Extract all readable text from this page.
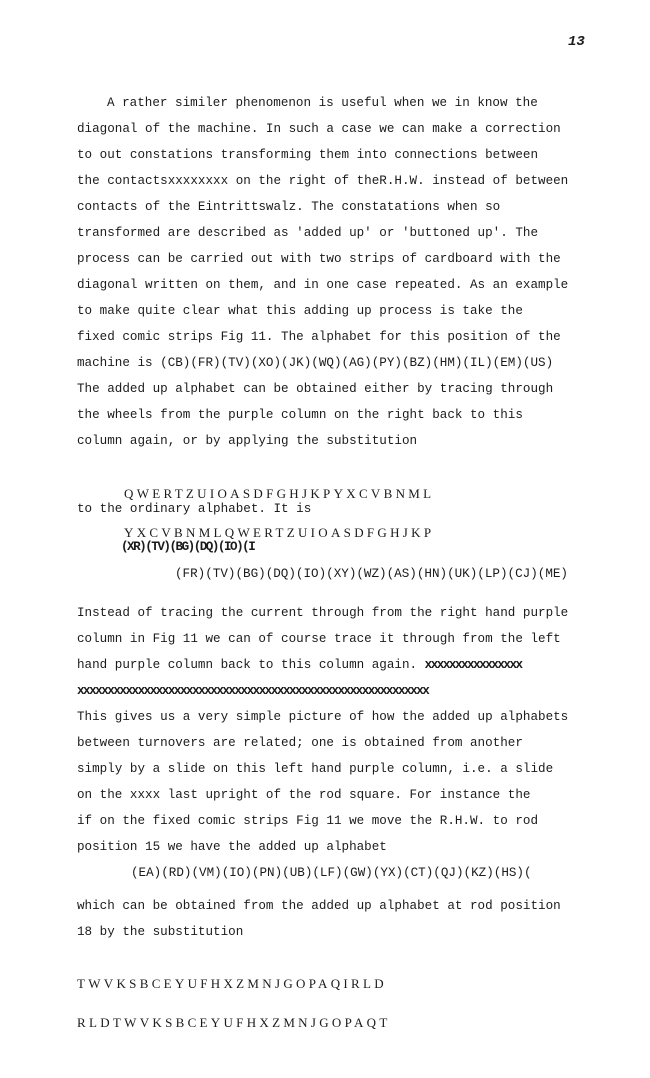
13
A rather similer phenomenon is useful when we in know the
diagonal of the machine. In such a case we can make a correction
to out constations transforming them into connections between
the contactsxxxxxxxx on the right of theR.H.W. instead of between
contacts of the Eintrittswalz. The constatations when so
transformed are described as 'added up' or 'buttoned up'. The
process can be carried out with two strips of cardboard with the
diagonal written on them, and in one case repeated. As an example
to make quite clear what this adding up process is take the
fixed comic strips Fig 11. The alphabet for this position of the
machine is (CB)(FR)(TV)(XO)(JK)(WQ)(AG)(PY)(BZ)(HM)(IL)(EM)(US)
The added up alphabet can be obtained either by tracing through
the wheels from the purple column on the right back to this
column again, or by applying the substitution

QWERTZUIOASDFGHJKPYXCVBNML

YXCVBNMLQWERTZUIOASDFGHJKP

to the ordinary alphabet. It is
(XR)(TV)(BG)(DQ)(IO)(I
(FR)(TV)(BG)(DQ)(IO)(XY)(WZ)(AS)(HN)(UK)(LP)(CJ)(ME)
Instead of tracing the current through from the right hand purple
column in Fig 11 we can of course trace it through from the left
hand purple column back to this column again. xxxxxxxxxxxxxxxx
xxxxxxxxxxxxxxxxxxxxxxxxxxxxxxxxxxxxxxxxxxxxxxxxxxxxxxxxxx
This gives us a very simple picture of how the added up alphabets
between turnovers are related; one is obtained from another
simply by a slide on this left hand purple column, i.e. a slide
on the xxxx last upright of the rod square. For instance the
if on the fixed comic strips Fig 11 we move the R.H.W. to rod
position 15 we have the added up alphabet
(EA)(RD)(VM)(IO)(PN)(UB)(LF)(GW)(YX)(CT)(QJ)(KZ)(HS)(
which can be obtained from the added up alphabet at rod position
18 by the substitution

TWVKSBCEYUFHXZMNJGOPAQIRLD

RLDTWVKSBCEYUFHXZMNJGOPAQT
